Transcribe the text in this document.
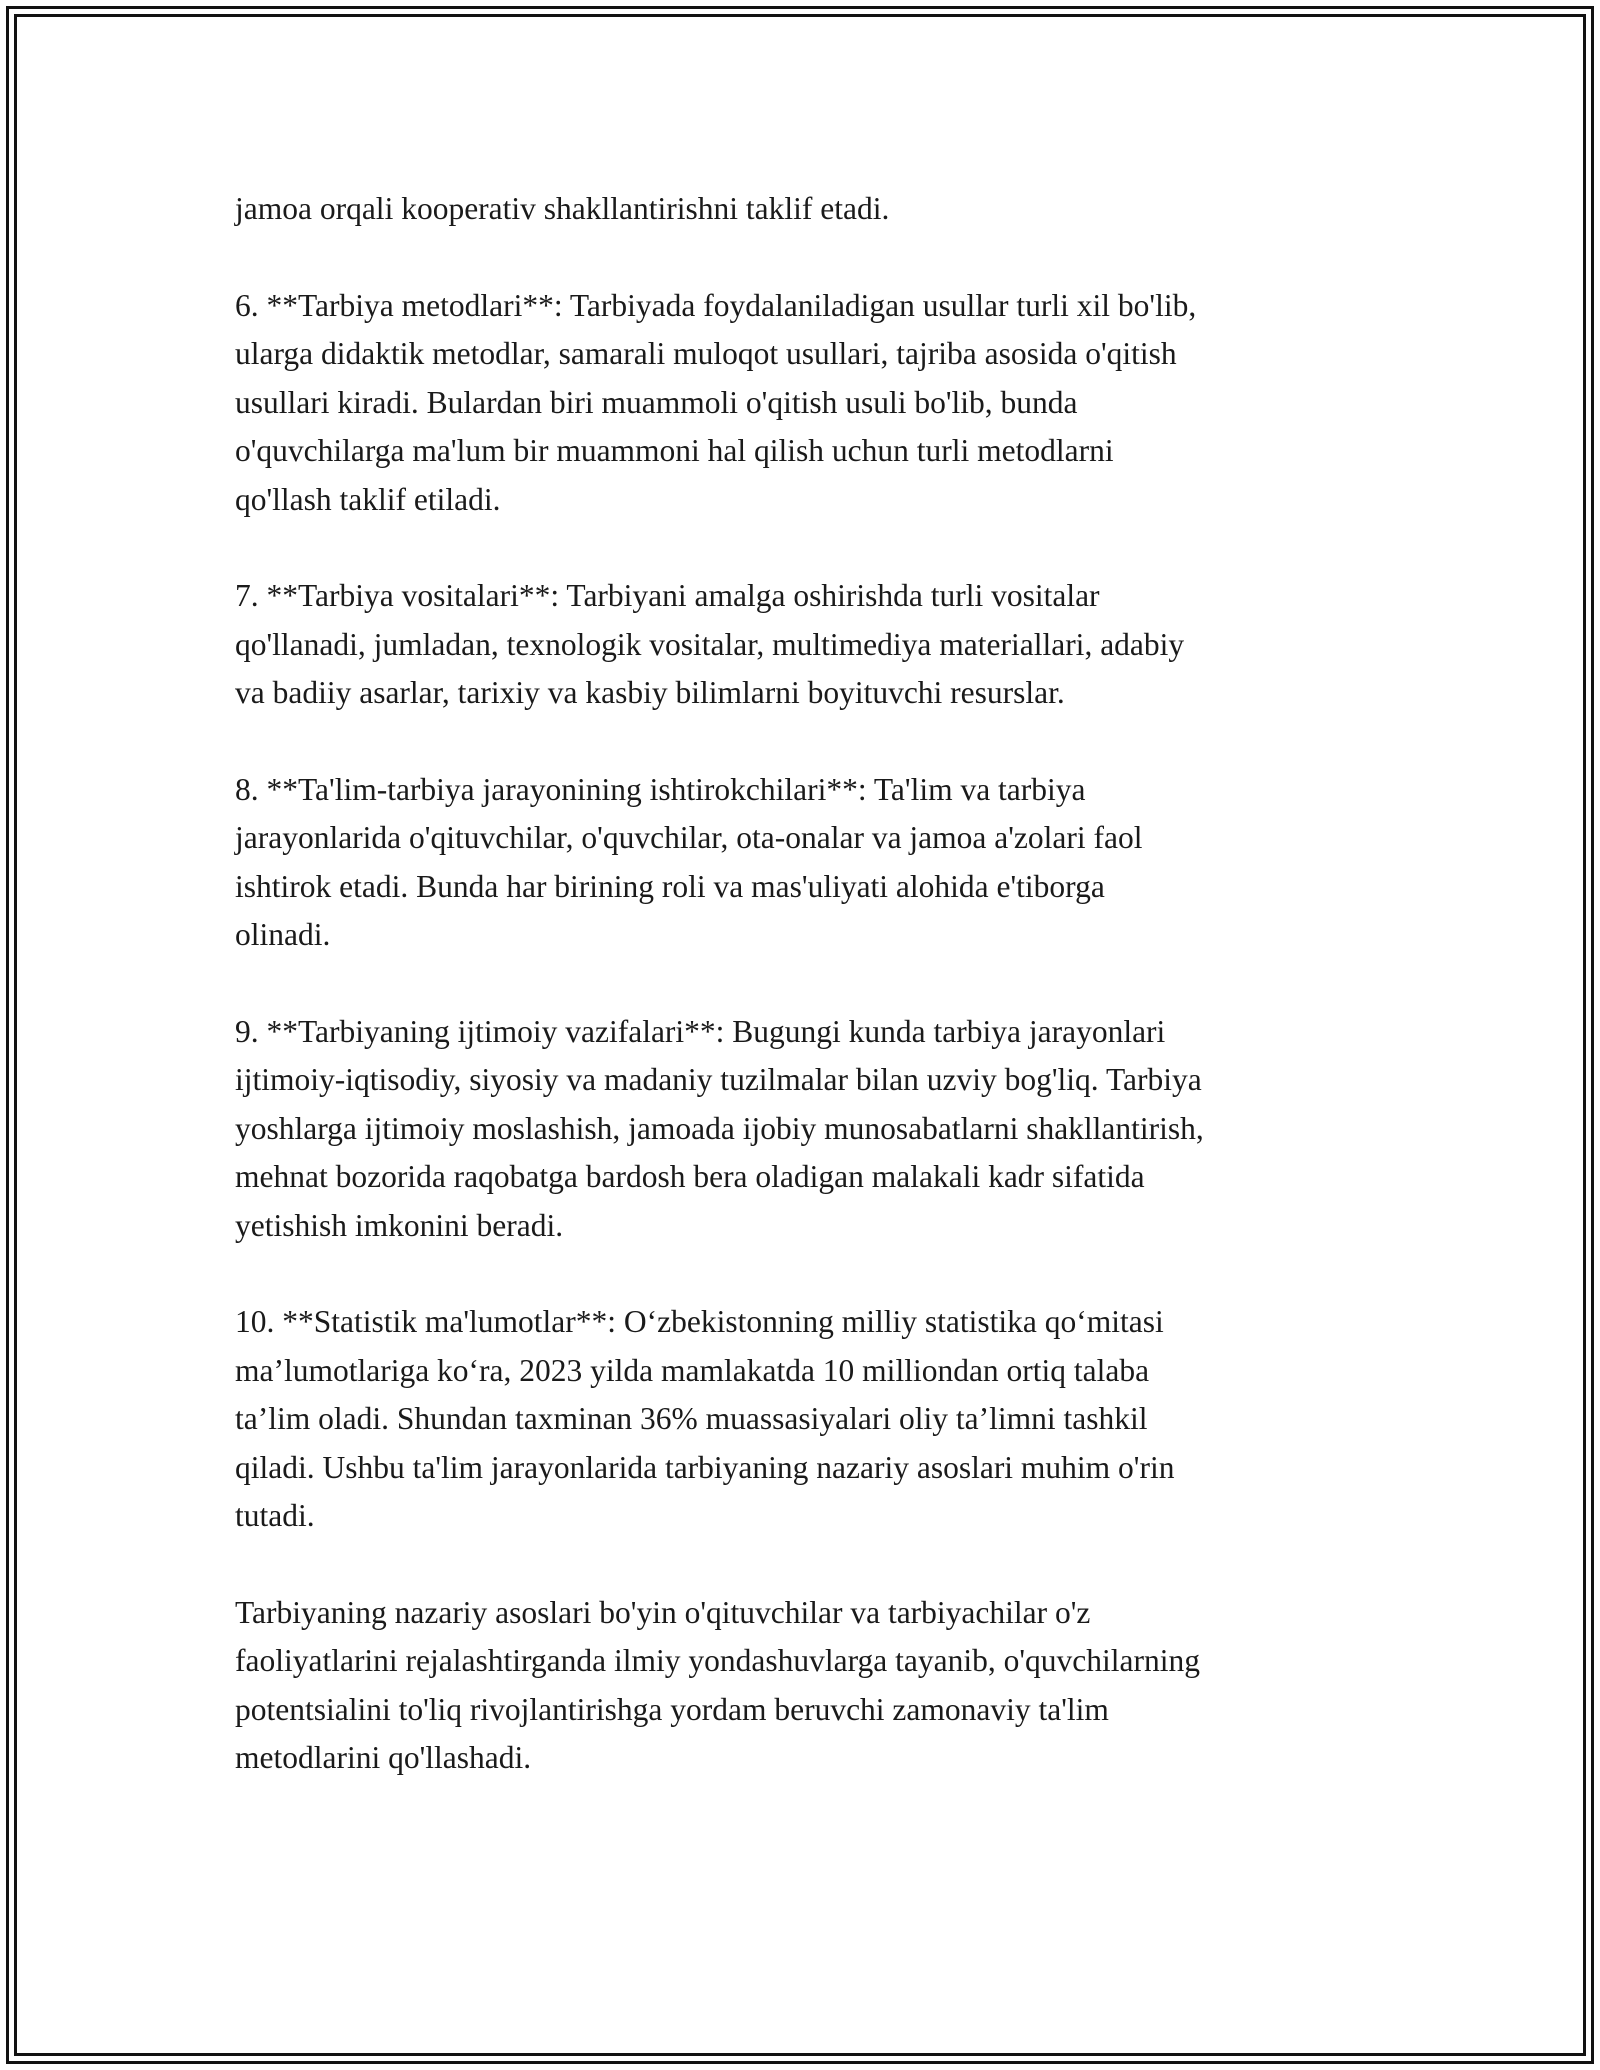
jamoa orqali kooperativ shakllantirishni taklif etadi.

6. **Tarbiya metodlari**: Tarbiyada foydalaniladigan usullar turli xil bo'lib,
ularga didaktik metodlar, samarali muloqot usullari, tajriba asosida o'qitish
usullari kiradi. Bulardan biri muammoli o'qitish usuli bo'lib, bunda
o'quvchilarga ma'lum bir muammoni hal qilish uchun turli metodlarni
qo'llash taklif etiladi.

7. **Tarbiya vositalari**: Tarbiyani amalga oshirishda turli vositalar
qo'llanadi, jumladan, texnologik vositalar, multimediya materiallari, adabiy
va badiiy asarlar, tarixiy va kasbiy bilimlarni boyituvchi resurslar.

8. **Ta'lim-tarbiya jarayonining ishtirokchilari**: Ta'lim va tarbiya
jarayonlarida o'qituvchilar, o'quvchilar, ota-onalar va jamoa a'zolari faol
ishtirok etadi. Bunda har birining roli va mas'uliyati alohida e'tiborga
olinadi.

9. **Tarbiyaning ijtimoiy vazifalari**: Bugungi kunda tarbiya jarayonlari
ijtimoiy-iqtisodiy, siyosiy va madaniy tuzilmalar bilan uzviy bog'liq. Tarbiya
yoshlarga ijtimoiy moslashish, jamoada ijobiy munosabatlarni shakllantirish,
mehnat bozorida raqobatga bardosh bera oladigan malakali kadr sifatida
yetishish imkonini beradi.

10. **Statistik ma'lumotlar**: O‘zbekistonning milliy statistika qo‘mitasi
ma’lumotlariga ko‘ra, 2023 yilda mamlakatda 10 milliondan ortiq talaba
ta’lim oladi. Shundan taxminan 36% muassasiyalari oliy ta’limni tashkil
qiladi. Ushbu ta'lim jarayonlarida tarbiyaning nazariy asoslari muhim o'rin
tutadi.

Tarbiyaning nazariy asoslari bo'yin o'qituvchilar va tarbiyachilar o'z
faoliyatlarini rejalashtirganda ilmiy yondashuvlarga tayanib, o'quvchilarning
potentsialini to'liq rivojlantirishga yordam beruvchi zamonaviy ta'lim
metodlarini qo'llashadi.
